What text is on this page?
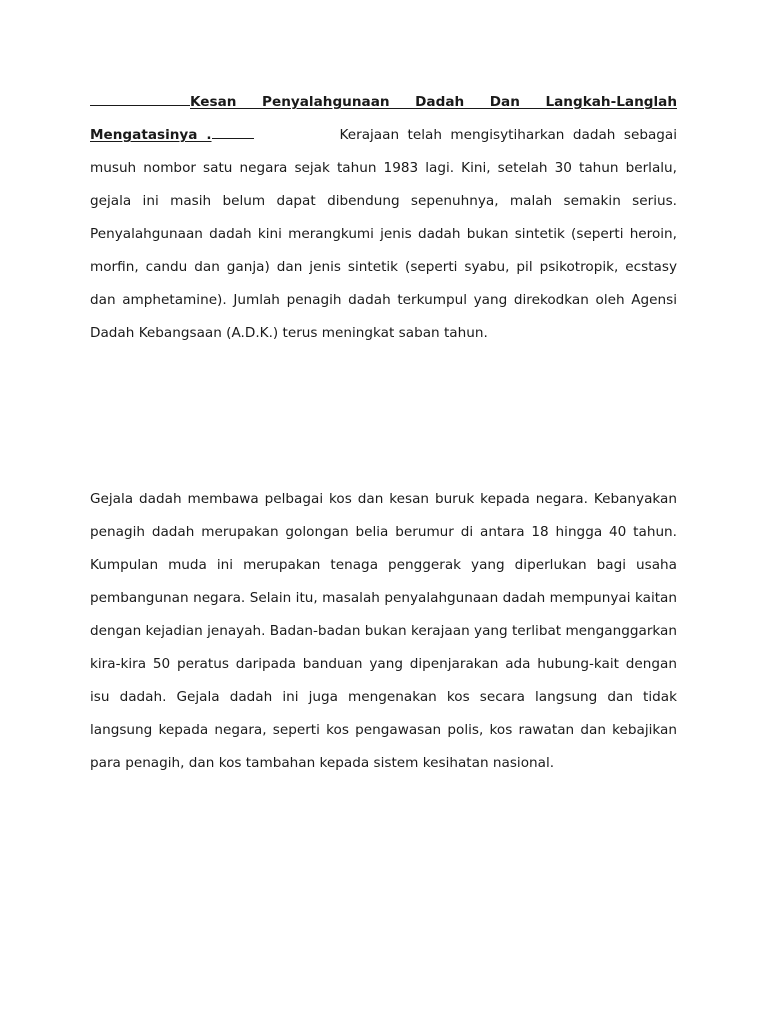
Kesan Penyalahgunaan Dadah Dan Langkah-Langlah Mengatasinya .	Kerajaan telah mengisytiharkan dadah sebagai musuh nombor satu negara sejak tahun 1983 lagi. Kini, setelah 30 tahun berlalu, gejala ini masih belum dapat dibendung sepenuhnya, malah semakin serius. Penyalahgunaan dadah kini merangkumi jenis dadah bukan sintetik (seperti heroin, morfin, candu dan ganja) dan jenis sintetik (seperti syabu, pil psikotropik, ecstasy dan amphetamine). Jumlah penagih dadah terkumpul yang direkodkan oleh Agensi Dadah Kebangsaan (A.D.K.) terus meningkat saban tahun.

Gejala dadah membawa pelbagai kos dan kesan buruk kepada negara. Kebanyakan penagih dadah merupakan golongan belia berumur di antara 18 hingga 40 tahun. Kumpulan muda ini merupakan tenaga penggerak yang diperlukan bagi usaha pembangunan negara. Selain itu, masalah penyalahgunaan dadah mempunyai kaitan dengan kejadian jenayah. Badan-badan bukan kerajaan yang terlibat menganggarkan kira-kira 50 peratus daripada banduan yang dipenjarakan ada hubung-kait dengan isu dadah. Gejala dadah ini juga mengenakan kos secara langsung dan tidak langsung kepada negara, seperti kos pengawasan polis, kos rawatan dan kebajikan para penagih, dan kos tambahan kepada sistem kesihatan nasional.
